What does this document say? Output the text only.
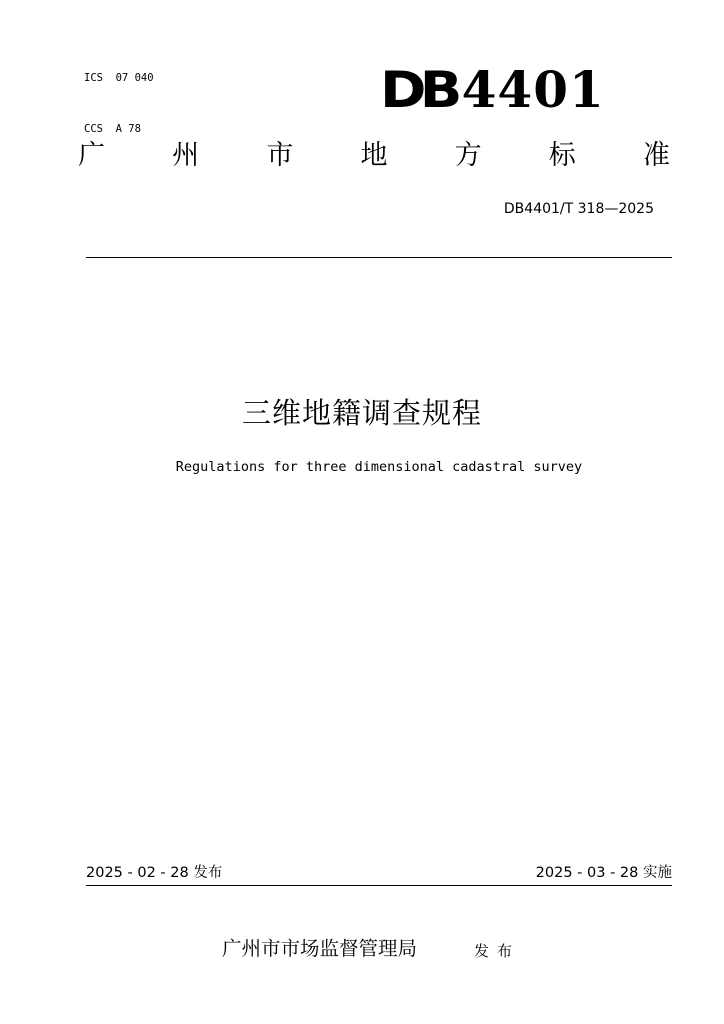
ICS  07 040

CCS  A 78

DB 4401
广 州 市 地 方 标 准
DB4401/T 318—2025
三维地籍调查规程
Regulations for three dimensional cadastral survey
2025 - 02 - 28 发布	2025 - 03 - 28 实施
广州市市场监督管理局	发布
